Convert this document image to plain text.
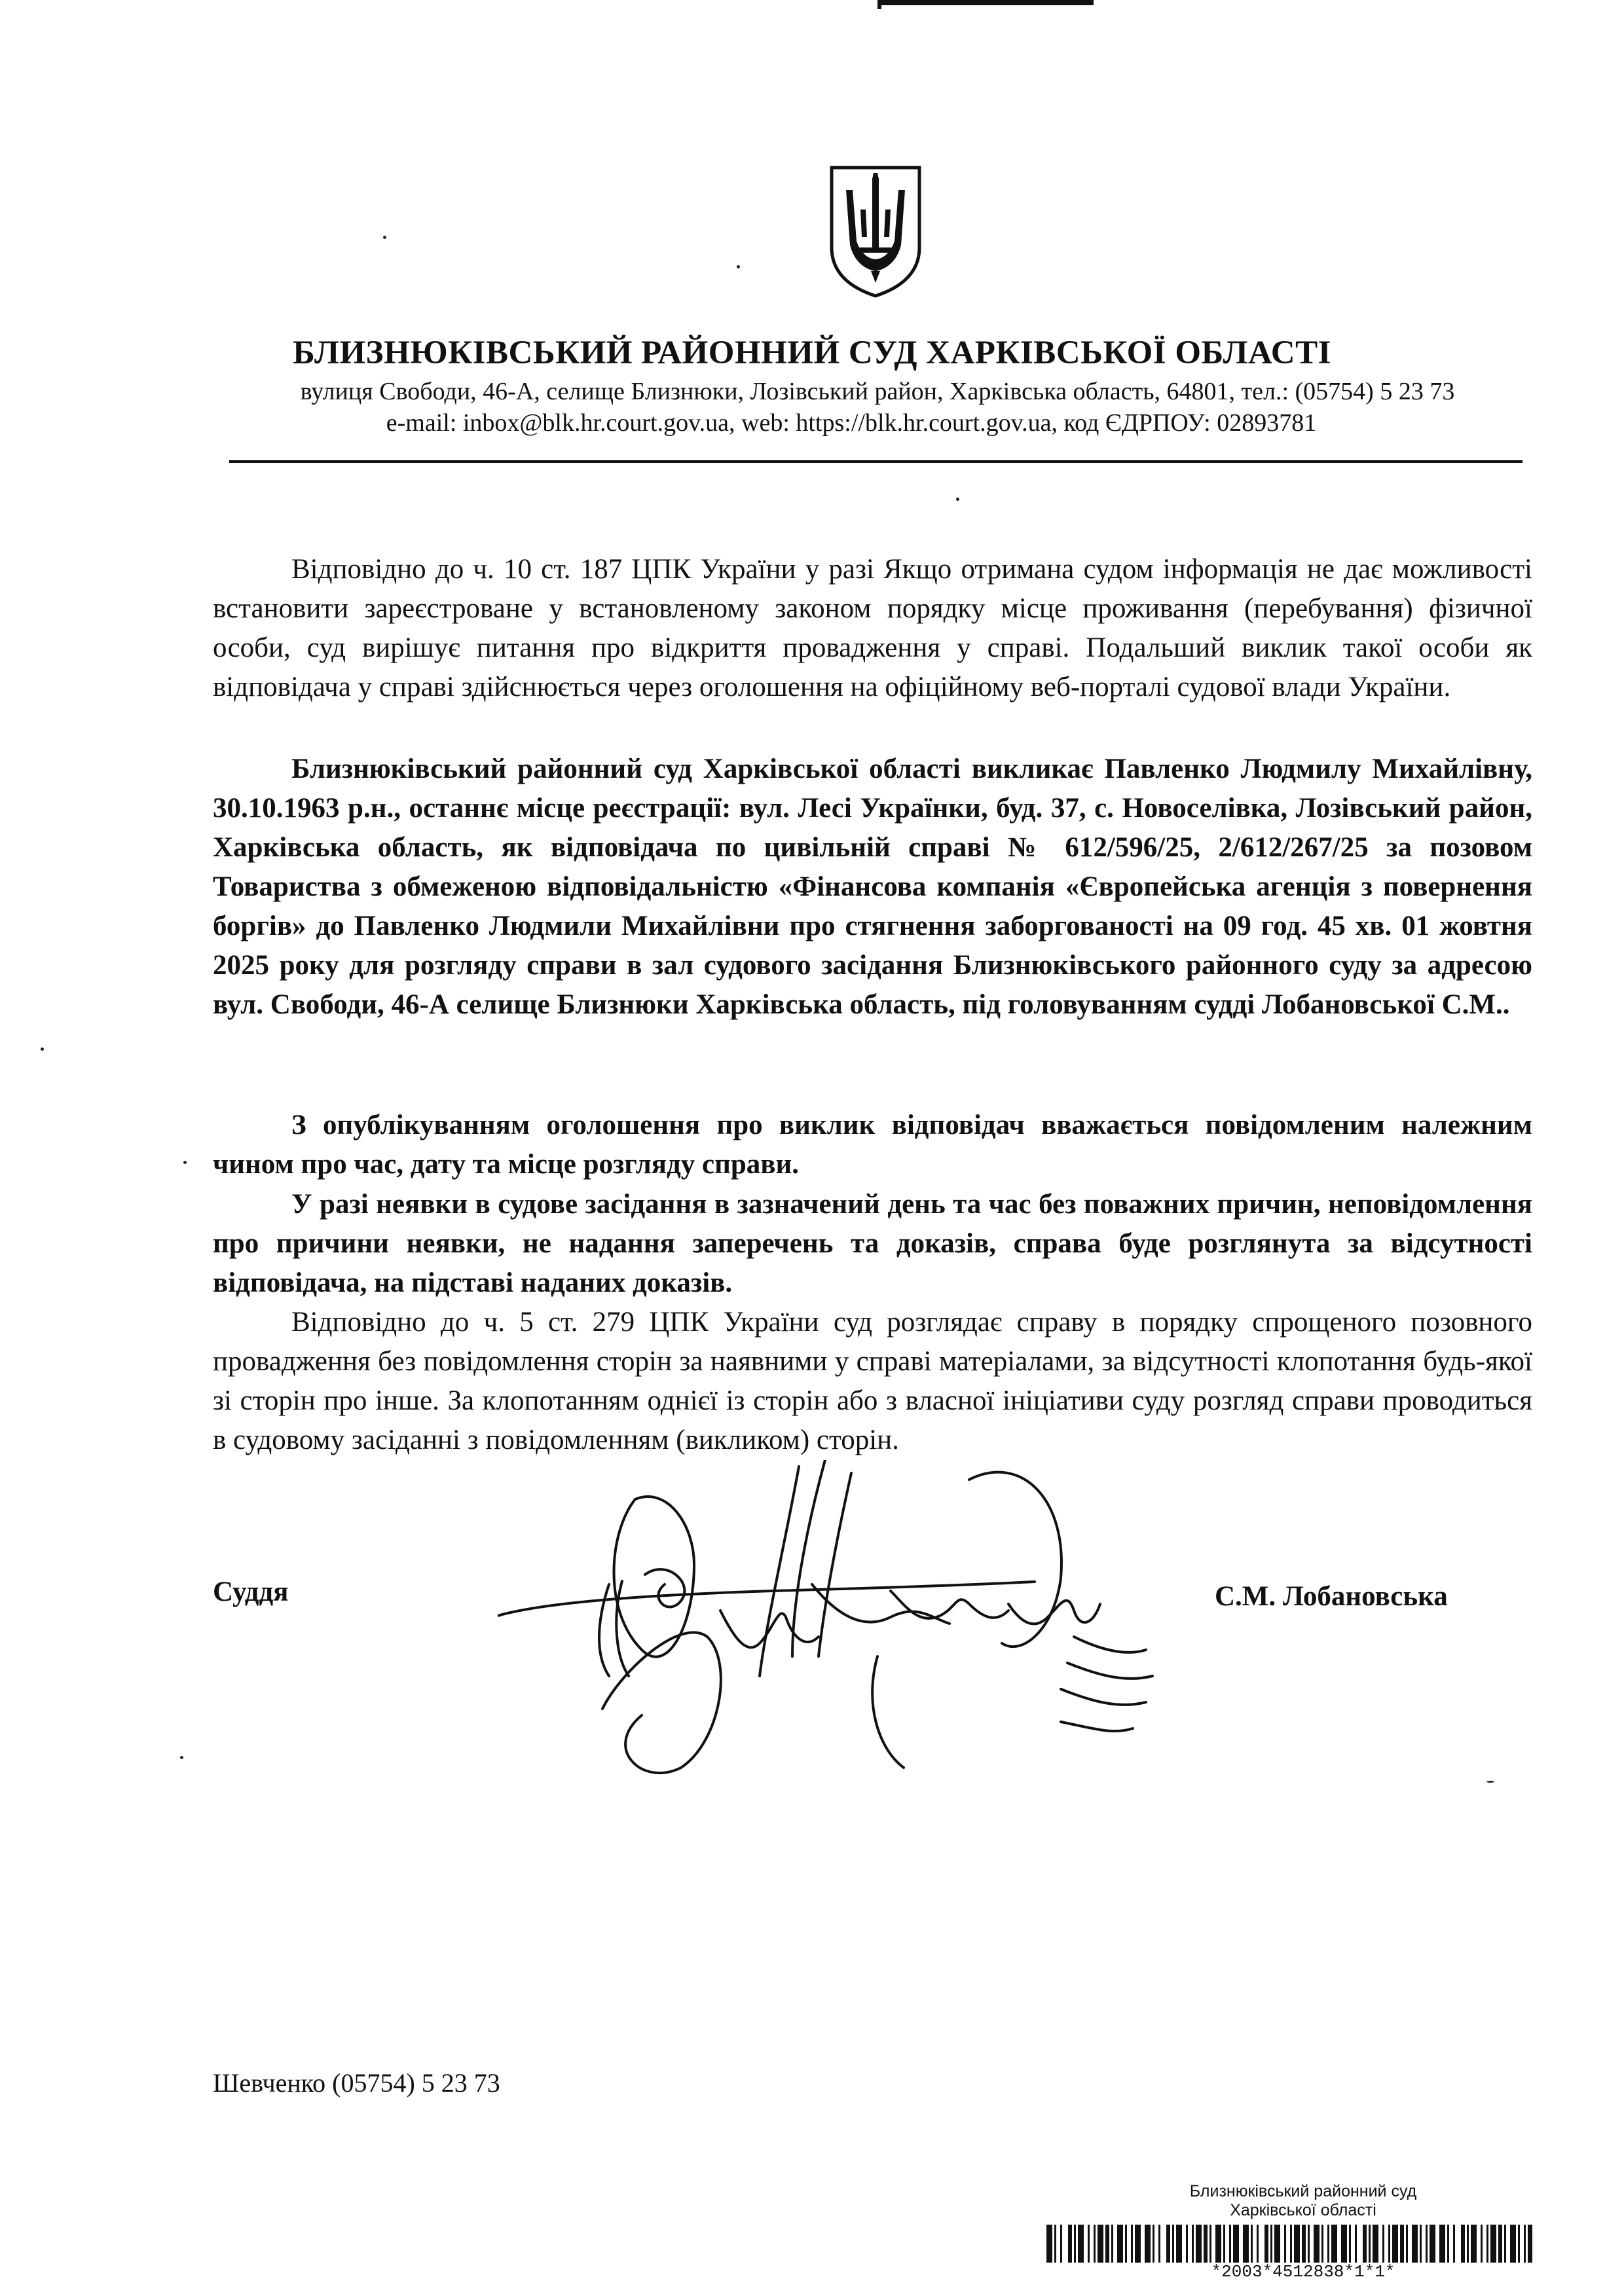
БЛИЗНЮКІВСЬКИЙ РАЙОННИЙ СУД ХАРКІВСЬКОЇ ОБЛАСТІ
вулиця Свободи, 46-А, селище Близнюки, Лозівський район, Харківська область, 64801, тел.: (05754) 5 23 73
e-mail: inbox@blk.hr.court.gov.ua, web: https://blk.hr.court.gov.ua, код ЄДРПОУ: 02893781

Відповідно до ч. 10 ст. 187 ЦПК України у разі Якщо отримана судом інформація не дає можливості встановити зареєстроване у встановленому законом порядку місце проживання (перебування) фізичної особи, суд вирішує питання про відкриття провадження у справі. Подальший виклик такої особи як відповідача у справі здійснюється через оголошення на офіційному веб-порталі судової влади України.

Близнюківський районний суд Харківської області викликає Павленко Людмилу Михайлівну, 30.10.1963 р.н., останнє місце реєстрації: вул. Лесі Українки, буд. 37, с. Новоселівка, Лозівський район, Харківська область, як відповідача по цивільній справі № 612/596/25, 2/612/267/25 за позовом Товариства з обмеженою відповідальністю «Фінансова компанія «Європейська агенція з повернення боргів» до Павленко Людмили Михайлівни про стягнення заборгованості на 09 год. 45 хв. 01 жовтня 2025 року для розгляду справи в зал судового засідання Близнюківського районного суду за адресою вул. Свободи, 46-А селище Близнюки Харківська область, під головуванням судді Лобановської С.М..

З опублікуванням оголошення про виклик відповідач вважається повідомленим належним чином про час, дату та місце розгляду справи.

У разі неявки в судове засідання в зазначений день та час без поважних причин, неповідомлення про причини неявки, не надання заперечень та доказів, справа буде розглянута за відсутності відповідача, на підставі наданих доказів.

Відповідно до ч. 5 ст. 279 ЦПК України суд розглядає справу в порядку спрощеного позовного провадження без повідомлення сторін за наявними у справі матеріалами, за відсутності клопотання будь-якої зі сторін про інше. За клопотанням однієї із сторін або з власної ініціативи суду розгляд справи проводиться в судовому засіданні з повідомленням (викликом) сторін.

Суддя	С.М. Лобановська
Шевченко (05754) 5 23 73
Близнюківський районний суд
Харківської області
*2003*4512838*1*1*
